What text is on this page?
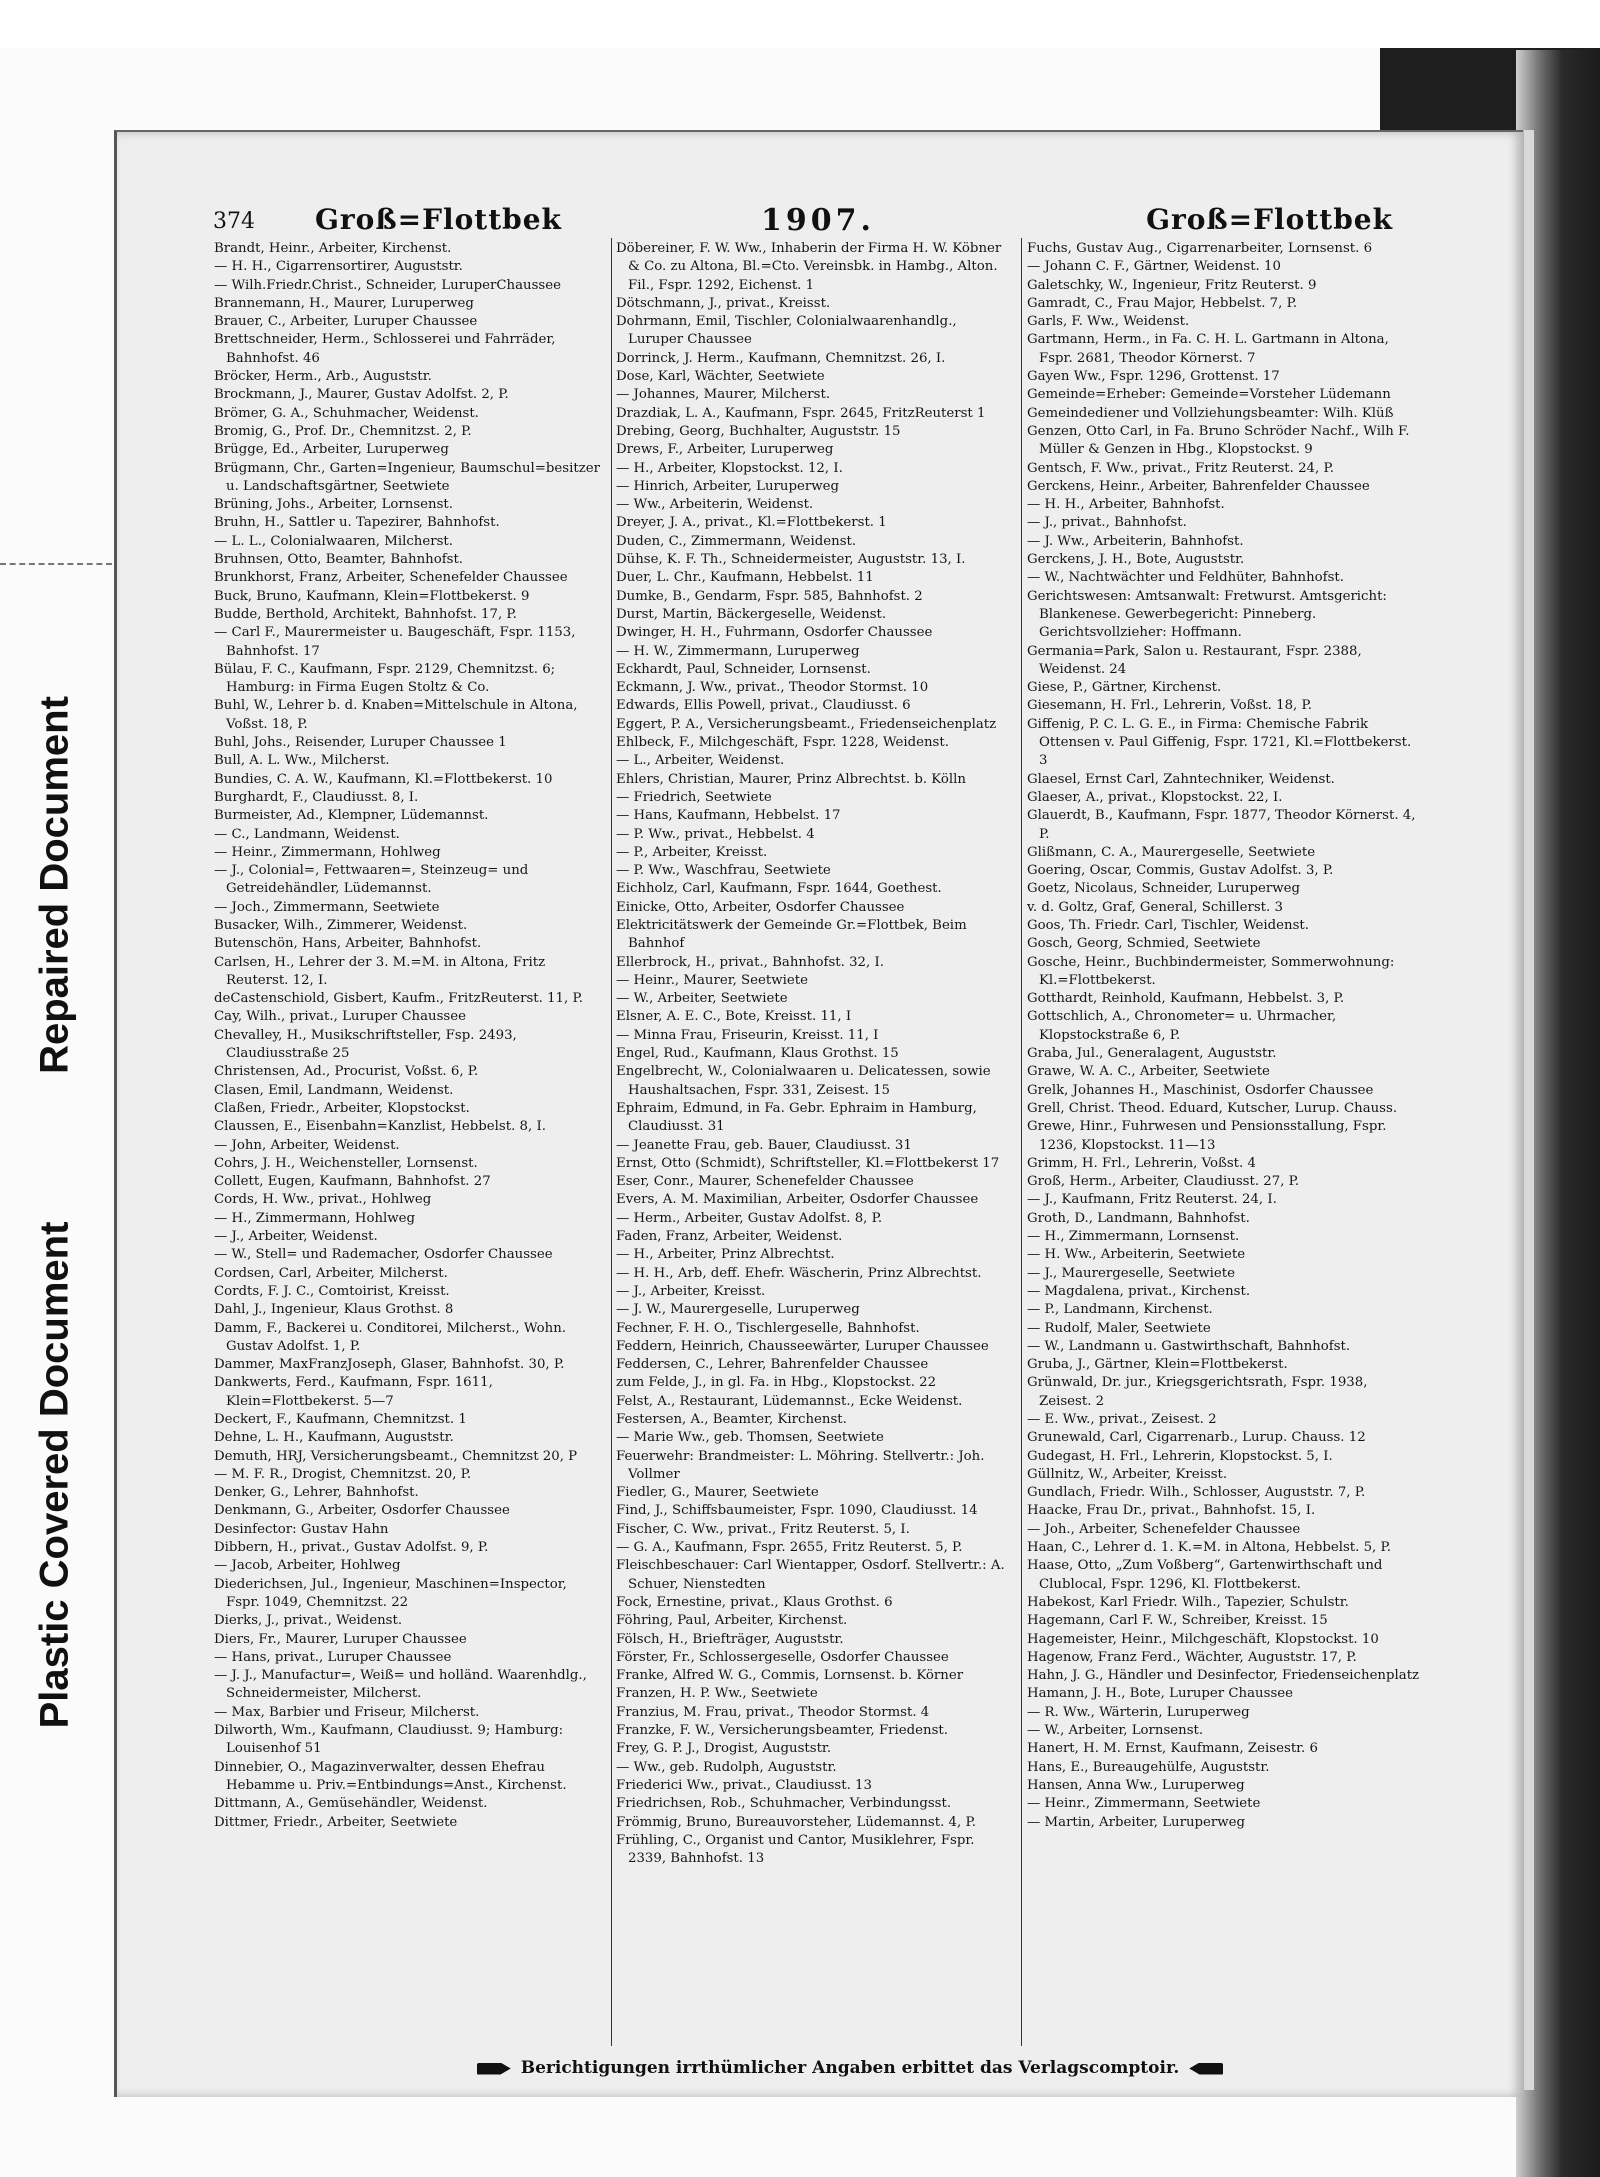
Repaired Document
Plastic Covered Document
374 Groß=Flottbek	1907.	Groß=Flottbek

Brandt, Heinr., Arbeiter, Kirchenst.

— H. H., Cigarrensortirer, Auguststr.

— Wilh.Friedr.Christ., Schneider, LuruperChaussee

Brannemann, H., Maurer, Luruperweg

Brauer, C., Arbeiter, Luruper Chaussee

Brettschneider, Herm., Schlosserei und Fahrräder, Bahnhofst. 46

Bröcker, Herm., Arb., Auguststr.

Brockmann, J., Maurer, Gustav Adolfst. 2, P.

Brömer, G. A., Schuhmacher, Weidenst.

Bromig, G., Prof. Dr., Chemnitzst. 2, P.

Brügge, Ed., Arbeiter, Luruperweg

Brügmann, Chr., Garten=Ingenieur, Baumschul=besitzer u. Landschaftsgärtner, Seetwiete

Brüning, Johs., Arbeiter, Lornsenst.

Bruhn, H., Sattler u. Tapezirer, Bahnhofst.

— L. L., Colonialwaaren, Milcherst.

Bruhnsen, Otto, Beamter, Bahnhofst.

Brunkhorst, Franz, Arbeiter, Schenefelder Chaussee

Buck, Bruno, Kaufmann, Klein=Flottbekerst. 9

Budde, Berthold, Architekt, Bahnhofst. 17, P.

— Carl F., Maurermeister u. Baugeschäft, Fspr. 1153, Bahnhofst. 17

Bülau, F. C., Kaufmann, Fspr. 2129, Chemnitzst. 6; Hamburg: in Firma Eugen Stoltz & Co.

Buhl, W., Lehrer b. d. Knaben=Mittelschule in Altona, Voßst. 18, P.

Buhl, Johs., Reisender, Luruper Chaussee 1

Bull, A. L. Ww., Milcherst.

Bundies, C. A. W., Kaufmann, Kl.=Flottbekerst. 10

Burghardt, F., Claudiusst. 8, I.

Burmeister, Ad., Klempner, Lüdemannst.

— C., Landmann, Weidenst.

— Heinr., Zimmermann, Hohlweg

— J., Colonial=, Fettwaaren=, Steinzeug= und Getreidehändler, Lüdemannst.

— Joch., Zimmermann, Seetwiete

Busacker, Wilh., Zimmerer, Weidenst.

Butenschön, Hans, Arbeiter, Bahnhofst.

Carlsen, H., Lehrer der 3. M.=M. in Altona, Fritz Reuterst. 12, I.

deCastenschiold, Gisbert, Kaufm., FritzReuterst. 11, P.

Cay, Wilh., privat., Luruper Chaussee

Chevalley, H., Musikschriftsteller, Fsp. 2493, Claudiusstraße 25

Christensen, Ad., Procurist, Voßst. 6, P.

Clasen, Emil, Landmann, Weidenst.

Claßen, Friedr., Arbeiter, Klopstockst.

Claussen, E., Eisenbahn=Kanzlist, Hebbelst. 8, I.

— John, Arbeiter, Weidenst.

Cohrs, J. H., Weichensteller, Lornsenst.

Collett, Eugen, Kaufmann, Bahnhofst. 27

Cords, H. Ww., privat., Hohlweg

— H., Zimmermann, Hohlweg

— J., Arbeiter, Weidenst.

— W., Stell= und Rademacher, Osdorfer Chaussee

Cordsen, Carl, Arbeiter, Milcherst.

Cordts, F. J. C., Comtoirist, Kreisst.

Dahl, J., Ingenieur, Klaus Grothst. 8

Damm, F., Backerei u. Conditorei, Milcherst., Wohn. Gustav Adolfst. 1, P.

Dammer, MaxFranzJoseph, Glaser, Bahnhofst. 30, P.

Dankwerts, Ferd., Kaufmann, Fspr. 1611, Klein=Flottbekerst. 5—7

Deckert, F., Kaufmann, Chemnitzst. 1

Dehne, L. H., Kaufmann, Auguststr.

Demuth, HRJ, Versicherungsbeamt., Chemnitzst 20, P

— M. F. R., Drogist, Chemnitzst. 20, P.

Denker, G., Lehrer, Bahnhofst.

Denkmann, G., Arbeiter, Osdorfer Chaussee

Desinfector: Gustav Hahn

Dibbern, H., privat., Gustav Adolfst. 9, P.

— Jacob, Arbeiter, Hohlweg

Diederichsen, Jul., Ingenieur, Maschinen=Inspector, Fspr. 1049, Chemnitzst. 22

Dierks, J., privat., Weidenst.

Diers, Fr., Maurer, Luruper Chaussee

— Hans, privat., Luruper Chaussee

— J. J., Manufactur=, Weiß= und holländ. Waarenhdlg., Schneidermeister, Milcherst.

— Max, Barbier und Friseur, Milcherst.

Dilworth, Wm., Kaufmann, Claudiusst. 9; Hamburg: Louisenhof 51

Dinnebier, O., Magazinverwalter, dessen Ehefrau Hebamme u. Priv.=Entbindungs=Anst., Kirchenst.

Dittmann, A., Gemüsehändler, Weidenst.

Dittmer, Friedr., Arbeiter, Seetwiete

Döbereiner, F. W. Ww., Inhaberin der Firma H. W. Köbner & Co. zu Altona, Bl.=Cto. Vereinsbk. in Hambg., Alton. Fil., Fspr. 1292, Eichenst. 1

Dötschmann, J., privat., Kreisst.

Dohrmann, Emil, Tischler, Colonialwaarenhandlg., Luruper Chaussee

Dorrinck, J. Herm., Kaufmann, Chemnitzst. 26, I.

Dose, Karl, Wächter, Seetwiete

— Johannes, Maurer, Milcherst.

Drazdiak, L. A., Kaufmann, Fspr. 2645, FritzReuterst 1

Drebing, Georg, Buchhalter, Auguststr. 15

Drews, F., Arbeiter, Luruperweg

— H., Arbeiter, Klopstockst. 12, I.

— Hinrich, Arbeiter, Luruperweg

— Ww., Arbeiterin, Weidenst.

Dreyer, J. A., privat., Kl.=Flottbekerst. 1

Duden, C., Zimmermann, Weidenst.

Dühse, K. F. Th., Schneidermeister, Auguststr. 13, I.

Duer, L. Chr., Kaufmann, Hebbelst. 11

Dumke, B., Gendarm, Fspr. 585, Bahnhofst. 2

Durst, Martin, Bäckergeselle, Weidenst.

Dwinger, H. H., Fuhrmann, Osdorfer Chaussee

— H. W., Zimmermann, Luruperweg

Eckhardt, Paul, Schneider, Lornsenst.

Eckmann, J. Ww., privat., Theodor Stormst. 10

Edwards, Ellis Powell, privat., Claudiusst. 6

Eggert, P. A., Versicherungsbeamt., Friedenseichenplatz

Ehlbeck, F., Milchgeschäft, Fspr. 1228, Weidenst.

— L., Arbeiter, Weidenst.

Ehlers, Christian, Maurer, Prinz Albrechtst. b. Kölln

— Friedrich, Seetwiete

— Hans, Kaufmann, Hebbelst. 17

— P. Ww., privat., Hebbelst. 4

— P., Arbeiter, Kreisst.

— P. Ww., Waschfrau, Seetwiete

Eichholz, Carl, Kaufmann, Fspr. 1644, Goethest.

Einicke, Otto, Arbeiter, Osdorfer Chaussee

Elektricitätswerk der Gemeinde Gr.=Flottbek, Beim Bahnhof

Ellerbrock, H., privat., Bahnhofst. 32, I.

— Heinr., Maurer, Seetwiete

— W., Arbeiter, Seetwiete

Elsner, A. E. C., Bote, Kreisst. 11, I

— Minna Frau, Friseurin, Kreisst. 11, I

Engel, Rud., Kaufmann, Klaus Grothst. 15

Engelbrecht, W., Colonialwaaren u. Delicatessen, sowie Haushaltsachen, Fspr. 331, Zeisest. 15

Ephraim, Edmund, in Fa. Gebr. Ephraim in Hamburg, Claudiusst. 31

— Jeanette Frau, geb. Bauer, Claudiusst. 31

Ernst, Otto (Schmidt), Schriftsteller, Kl.=Flottbekerst 17

Eser, Conr., Maurer, Schenefelder Chaussee

Evers, A. M. Maximilian, Arbeiter, Osdorfer Chaussee

— Herm., Arbeiter, Gustav Adolfst. 8, P.

Faden, Franz, Arbeiter, Weidenst.

— H., Arbeiter, Prinz Albrechtst.

— H. H., Arb, deff. Ehefr. Wäscherin, Prinz Albrechtst.

— J., Arbeiter, Kreisst.

— J. W., Maurergeselle, Luruperweg

Fechner, F. H. O., Tischlergeselle, Bahnhofst.

Feddern, Heinrich, Chausseewärter, Luruper Chaussee

Feddersen, C., Lehrer, Bahrenfelder Chaussee

zum Felde, J., in gl. Fa. in Hbg., Klopstockst. 22

Felst, A., Restaurant, Lüdemannst., Ecke Weidenst.

Festersen, A., Beamter, Kirchenst.

— Marie Ww., geb. Thomsen, Seetwiete

Feuerwehr: Brandmeister: L. Möhring. Stellvertr.: Joh. Vollmer

Fiedler, G., Maurer, Seetwiete

Find, J., Schiffsbaumeister, Fspr. 1090, Claudiusst. 14

Fischer, C. Ww., privat., Fritz Reuterst. 5, I.

— G. A., Kaufmann, Fspr. 2655, Fritz Reuterst. 5, P.

Fleischbeschauer: Carl Wientapper, Osdorf. Stellvertr.: A. Schuer, Nienstedten

Fock, Ernestine, privat., Klaus Grothst. 6

Föhring, Paul, Arbeiter, Kirchenst.

Fölsch, H., Briefträger, Auguststr.

Förster, Fr., Schlossergeselle, Osdorfer Chaussee

Franke, Alfred W. G., Commis, Lornsenst. b. Körner

Franzen, H. P. Ww., Seetwiete

Franzius, M. Frau, privat., Theodor Stormst. 4

Franzke, F. W., Versicherungsbeamter, Friedenst.

Frey, G. P. J., Drogist, Auguststr.

— Ww., geb. Rudolph, Auguststr.

Friederici Ww., privat., Claudiusst. 13

Friedrichsen, Rob., Schuhmacher, Verbindungsst.

Frömmig, Bruno, Bureauvorsteher, Lüdemannst. 4, P.

Frühling, C., Organist und Cantor, Musiklehrer, Fspr. 2339, Bahnhofst. 13

Fuchs, Gustav Aug., Cigarrenarbeiter, Lornsenst. 6

— Johann C. F., Gärtner, Weidenst. 10

Galetschky, W., Ingenieur, Fritz Reuterst. 9

Gamradt, C., Frau Major, Hebbelst. 7, P.

Garls, F. Ww., Weidenst.

Gartmann, Herm., in Fa. C. H. L. Gartmann in Altona, Fspr. 2681, Theodor Körnerst. 7

Gayen Ww., Fspr. 1296, Grottenst. 17

Gemeinde=Erheber: Gemeinde=Vorsteher Lüdemann

Gemeindediener und Vollziehungsbeamter: Wilh. Klüß

Genzen, Otto Carl, in Fa. Bruno Schröder Nachf., Wilh F. Müller & Genzen in Hbg., Klopstockst. 9

Gentsch, F. Ww., privat., Fritz Reuterst. 24, P.

Gerckens, Heinr., Arbeiter, Bahrenfelder Chaussee

— H. H., Arbeiter, Bahnhofst.

— J., privat., Bahnhofst.

— J. Ww., Arbeiterin, Bahnhofst.

Gerckens, J. H., Bote, Auguststr.

— W., Nachtwächter und Feldhüter, Bahnhofst.

Gerichtswesen: Amtsanwalt: Fretwurst. Amtsgericht: Blankenese. Gewerbegericht: Pinneberg. Gerichtsvollzieher: Hoffmann.

Germania=Park, Salon u. Restaurant, Fspr. 2388, Weidenst. 24

Giese, P., Gärtner, Kirchenst.

Giesemann, H. Frl., Lehrerin, Voßst. 18, P.

Giffenig, P. C. L. G. E., in Firma: Chemische Fabrik Ottensen v. Paul Giffenig, Fspr. 1721, Kl.=Flottbekerst. 3

Glaesel, Ernst Carl, Zahntechniker, Weidenst.

Glaeser, A., privat., Klopstockst. 22, I.

Glauerdt, B., Kaufmann, Fspr. 1877, Theodor Körnerst. 4, P.

Glißmann, C. A., Maurergeselle, Seetwiete

Goering, Oscar, Commis, Gustav Adolfst. 3, P.

Goetz, Nicolaus, Schneider, Luruperweg

v. d. Goltz, Graf, General, Schillerst. 3

Goos, Th. Friedr. Carl, Tischler, Weidenst.

Gosch, Georg, Schmied, Seetwiete

Gosche, Heinr., Buchbindermeister, Sommerwohnung: Kl.=Flottbekerst.

Gotthardt, Reinhold, Kaufmann, Hebbelst. 3, P.

Gottschlich, A., Chronometer= u. Uhrmacher, Klopstockstraße 6, P.

Graba, Jul., Generalagent, Auguststr.

Grawe, W. A. C., Arbeiter, Seetwiete

Grelk, Johannes H., Maschinist, Osdorfer Chaussee

Grell, Christ. Theod. Eduard, Kutscher, Lurup. Chauss.

Grewe, Hinr., Fuhrwesen und Pensionsstallung, Fspr. 1236, Klopstockst. 11—13

Grimm, H. Frl., Lehrerin, Voßst. 4

Groß, Herm., Arbeiter, Claudiusst. 27, P.

— J., Kaufmann, Fritz Reuterst. 24, I.

Groth, D., Landmann, Bahnhofst.

— H., Zimmermann, Lornsenst.

— H. Ww., Arbeiterin, Seetwiete

— J., Maurergeselle, Seetwiete

— Magdalena, privat., Kirchenst.

— P., Landmann, Kirchenst.

— Rudolf, Maler, Seetwiete

— W., Landmann u. Gastwirthschaft, Bahnhofst.

Gruba, J., Gärtner, Klein=Flottbekerst.

Grünwald, Dr. jur., Kriegsgerichtsrath, Fspr. 1938, Zeisest. 2

— E. Ww., privat., Zeisest. 2

Grunewald, Carl, Cigarrenarb., Lurup. Chauss. 12

Gudegast, H. Frl., Lehrerin, Klopstockst. 5, I.

Güllnitz, W., Arbeiter, Kreisst.

Gundlach, Friedr. Wilh., Schlosser, Auguststr. 7, P.

Haacke, Frau Dr., privat., Bahnhofst. 15, I.

— Joh., Arbeiter, Schenefelder Chaussee

Haan, C., Lehrer d. 1. K.=M. in Altona, Hebbelst. 5, P.

Haase, Otto, „Zum Voßberg“, Gartenwirthschaft und Clublocal, Fspr. 1296, Kl. Flottbekerst.

Habekost, Karl Friedr. Wilh., Tapezier, Schulstr.

Hagemann, Carl F. W., Schreiber, Kreisst. 15

Hagemeister, Heinr., Milchgeschäft, Klopstockst. 10

Hagenow, Franz Ferd., Wächter, Auguststr. 17, P.

Hahn, J. G., Händler und Desinfector, Friedenseichenplatz

Hamann, J. H., Bote, Luruper Chaussee

— R. Ww., Wärterin, Luruperweg

— W., Arbeiter, Lornsenst.

Hanert, H. M. Ernst, Kaufmann, Zeisestr. 6

Hans, E., Bureaugehülfe, Auguststr.

Hansen, Anna Ww., Luruperweg

— Heinr., Zimmermann, Seetwiete

— Martin, Arbeiter, Luruperweg

Berichtigungen irrthümlicher Angaben erbittet das Verlagscomptoir.
